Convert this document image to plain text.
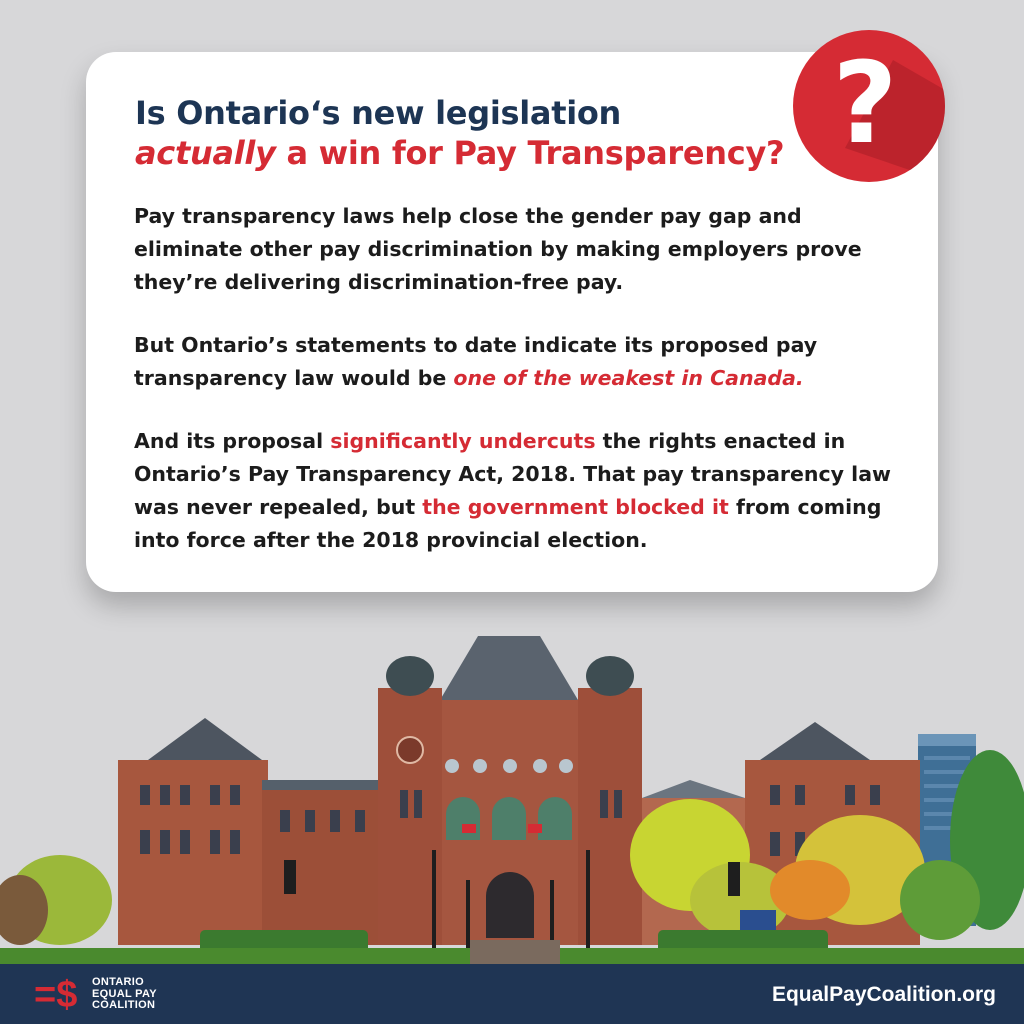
Is Ontario‘s new legislation
actually a win for Pay Transparency?

Pay transparency laws help close the gender pay gap and eliminate other pay discrimination by making employers prove they’re delivering discrimination-free pay.

But Ontario’s statements to date indicate its proposed pay transparency law would be one of the weakest in Canada.

And its proposal significantly undercuts the rights enacted in Ontario’s Pay Transparency Act, 2018. That pay transparency law was never repealed, but the government blocked it from coming into force after the 2018 provincial election.

?
=$ ONTARIO
EQUAL PAY
COALITION	EqualPayCoalition.org
